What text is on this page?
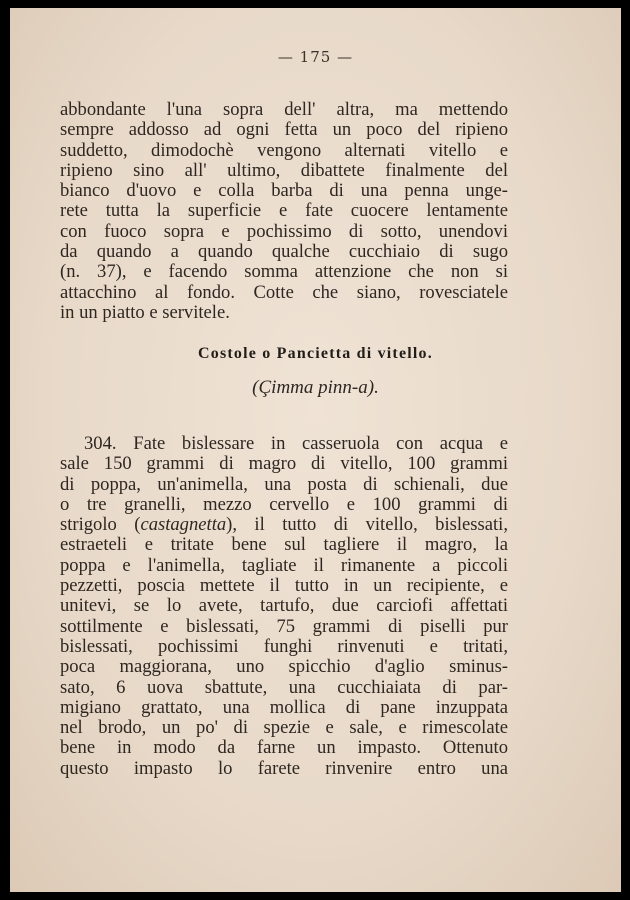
— 175 —
abbondante l'una sopra dell' altra, ma mettendo
sempre addosso ad ogni fetta un poco del ripieno
suddetto, dimodochè vengono alternati vitello e
ripieno sino all' ultimo, dibattete finalmente del
bianco d'uovo e colla barba di una penna unge-
rete tutta la superficie e fate cuocere lentamente
con fuoco sopra e pochissimo di sotto, unendovi
da quando a quando qualche cucchiaio di sugo
(n. 37), e facendo somma attenzione che non si
attacchino al fondo. Cotte che siano, rovesciatele
in un piatto e servitele.
Costole o Pancietta di vitello.
(Çimma pinn-a).
304. Fate bislessare in casseruola con acqua e
sale 150 grammi di magro di vitello, 100 grammi
di poppa, un'animella, una posta di schienali, due
o tre granelli, mezzo cervello e 100 grammi di
strigolo (castagnetta), il tutto di vitello, bislessati,
estraeteli e tritate bene sul tagliere il magro, la
poppa e l'animella, tagliate il rimanente a piccoli
pezzetti, poscia mettete il tutto in un recipiente, e
unitevi, se lo avete, tartufo, due carciofi affettati
sottilmente e bislessati, 75 grammi di piselli pur
bislessati, pochissimi funghi rinvenuti e tritati,
poca maggiorana, uno spicchio d'aglio sminus-
sato, 6 uova sbattute, una cucchiaiata di par-
migiano grattato, una mollica di pane inzuppata
nel brodo, un po' di spezie e sale, e rimescolate
bene in modo da farne un impasto. Ottenuto
questo impasto lo farete rinvenire entro una
